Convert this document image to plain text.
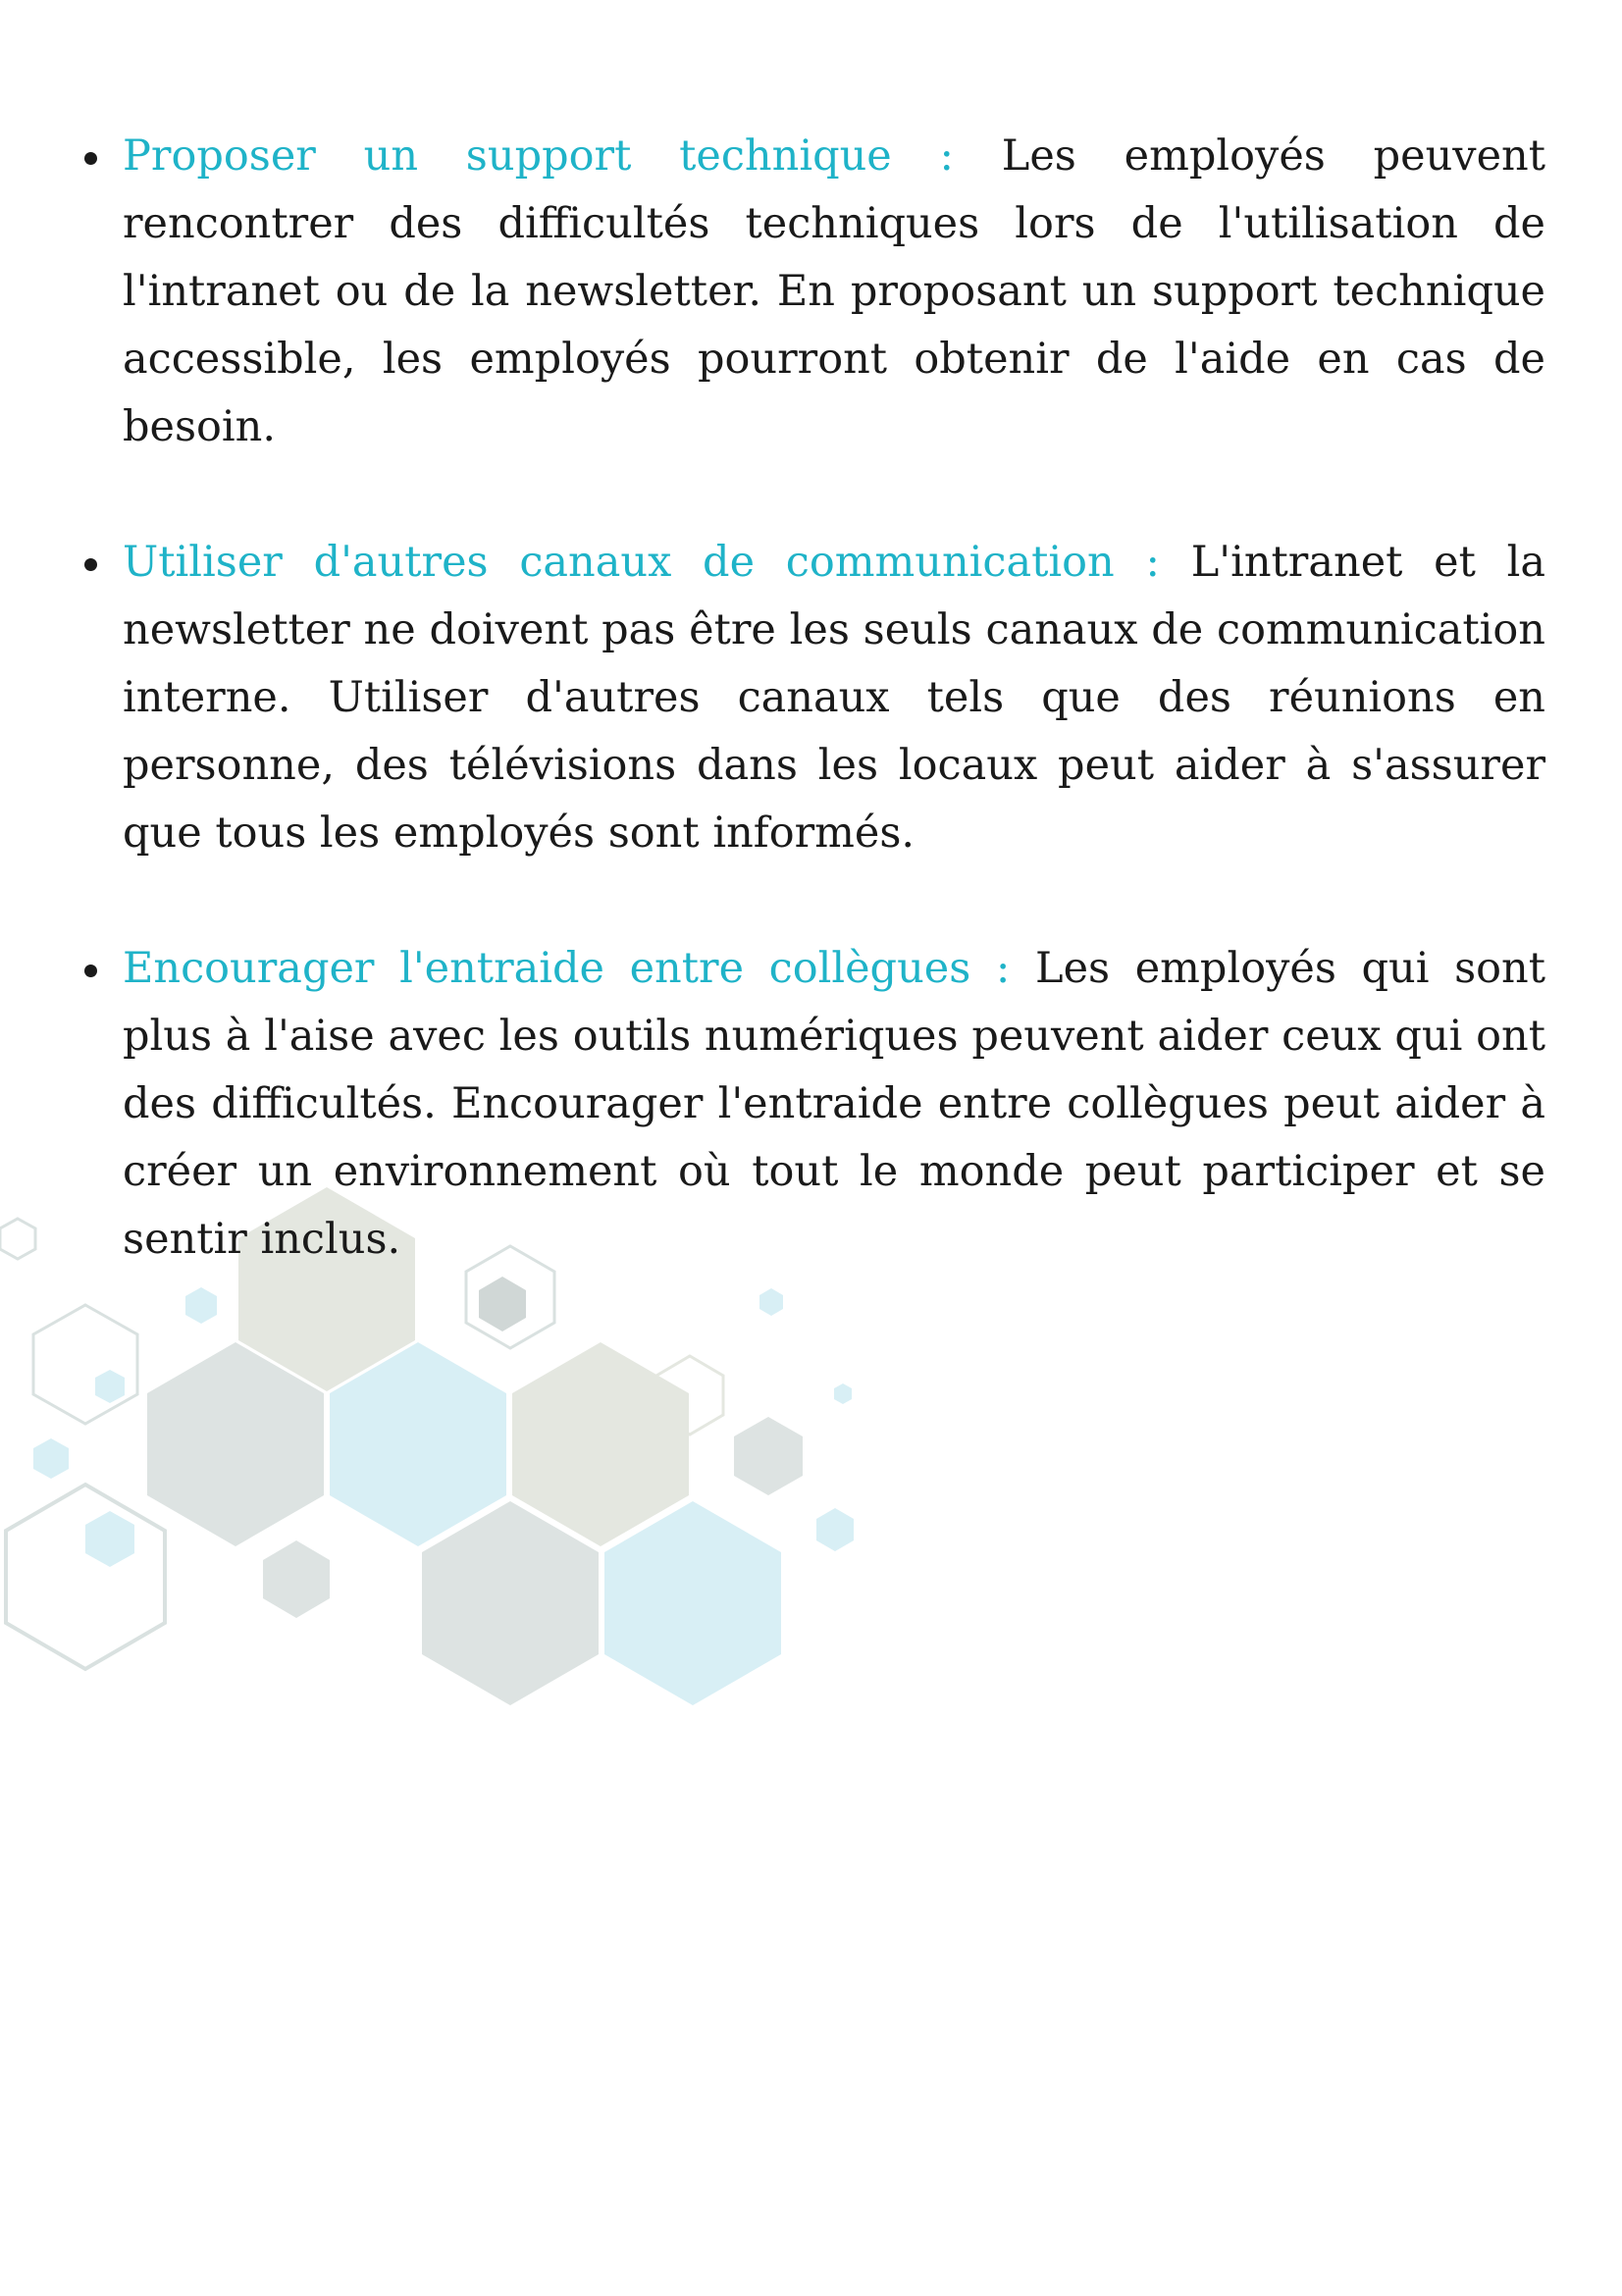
Proposer un support technique : Les employés peuvent rencontrer des difficultés techniques lors de l'utilisation de l'intranet ou de la newsletter. En proposant un support technique accessible, les employés pourront obtenir de l'aide en cas de besoin.
Utiliser d'autres canaux de communication : L'intranet et la newsletter ne doivent pas être les seuls canaux de communication interne. Utiliser d'autres canaux tels que des réunions en personne, des télévisions dans les locaux peut aider à s'assurer que tous les employés sont informés.
Encourager l'entraide entre collègues : Les employés qui sont plus à l'aise avec les outils numériques peuvent aider ceux qui ont des difficultés. Encourager l'entraide entre collègues peut aider à créer un environnement où tout le monde peut participer et se sentir inclus.
